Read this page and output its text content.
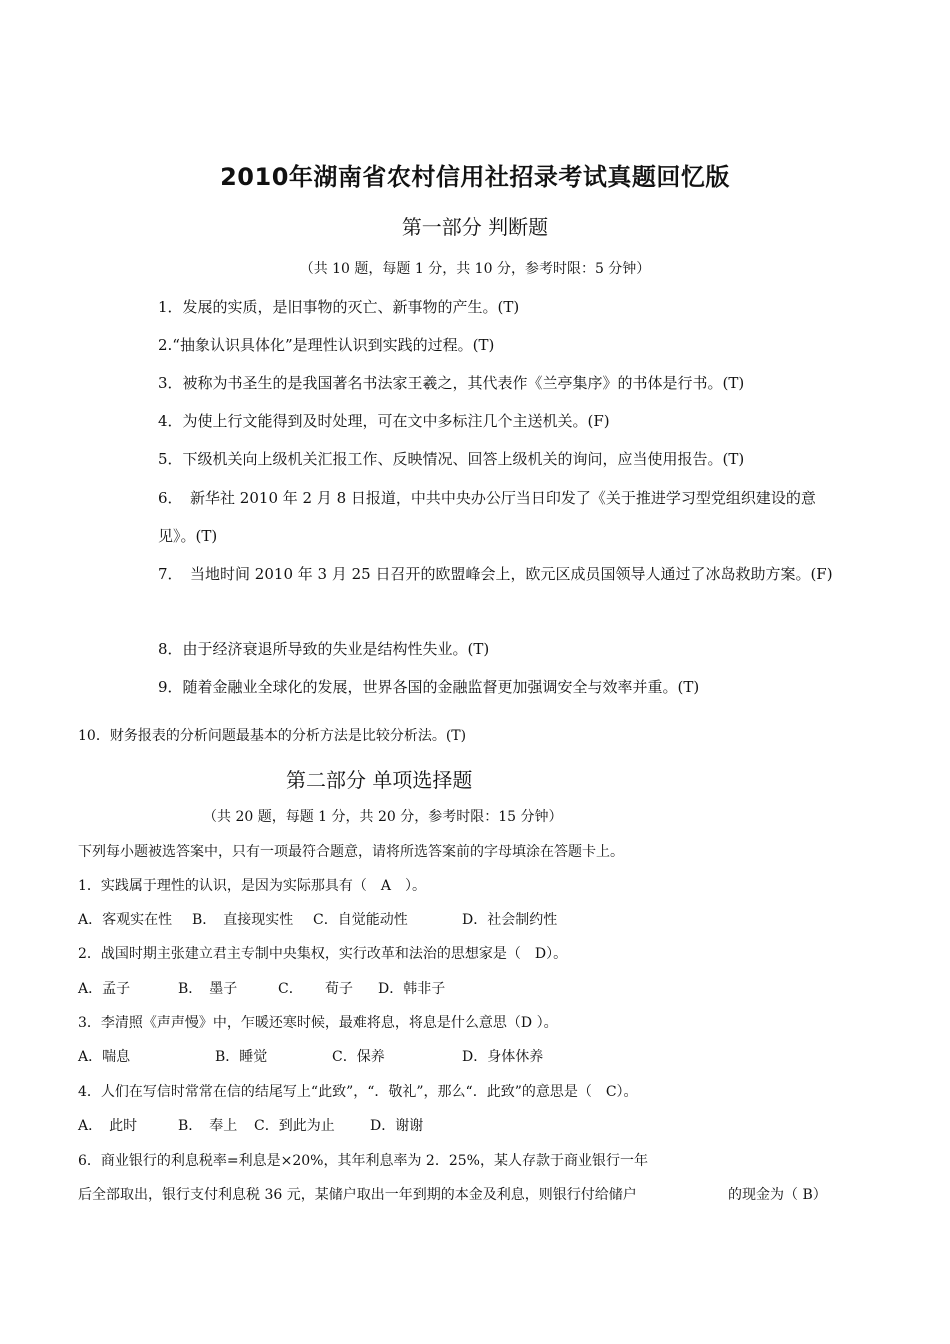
2010年湖南省农村信用社招录考试真题回忆版
第一部分 判断题
（共 10 题，每题 1 分，共 10 分，参考时限：5 分钟）
1．发展的实质，是旧事物的灭亡、新事物的产生。(T)
2.“抽象认识具体化”是理性认识到实践的过程。(T)
3．被称为书圣生的是我国著名书法家王羲之，其代表作《兰亭集序》的书体是行书。(T)
4．为使上行文能得到及时处理，可在文中多标注几个主送机关。(F)
5．下级机关向上级机关汇报工作、反映情况、回答上级机关的询问，应当使用报告。(T)
6．　新华社 2010 年 2 月 8 日报道，中共中央办公厅当日印发了《关于推进学习型党组织建设的意见》。(T)
7．　当地时间 2010 年 3 月 25 日召开的欧盟峰会上，欧元区成员国领导人通过了冰岛救助方案。(F)
8．由于经济衰退所导致的失业是结构性失业。(T)
9．随着金融业全球化的发展，世界各国的金融监督更加强调安全与效率并重。(T)
10．财务报表的分析问题最基本的分析方法是比较分析法。(T)
第二部分 单项选择题
（共 20 题，每题 1 分，共 20 分，参考时限：15 分钟）
下列每小题被选答案中，只有一项最符合题意，请将所选答案前的字母填涂在答题卡上。
1．实践属于理性的认识，是因为实际那具有（　A　）。
A．客观实在性 B．　直接现实性 C．自觉能动性	D．社会制约性
2．战国时期主张建立君主专制中央集权，实行改革和法治的思想家是（　D）。
A．孟子	B．　墨子	C． 荀子 D．韩非子
3．李清照《声声慢》中，乍暖还寒时候，最难将息，将息是什么意思（D ）。
A．喘息	B．睡觉	C．保养	D．身体休养
4．人们在写信时常常在信的结尾写上“此致”，“．敬礼”，那么“．此致”的意思是（　C）。
A．　此时	B．　奉上 C．到此为止	D．谢谢
6．商业银行的利息税率=利息是×20%，其年利息率为 2．25%，某人存款于商业银行一年
后全部取出，银行支付利息税 36 元，某储户取出一年到期的本金及利息，则银行付给储户	的现金为（ B）
